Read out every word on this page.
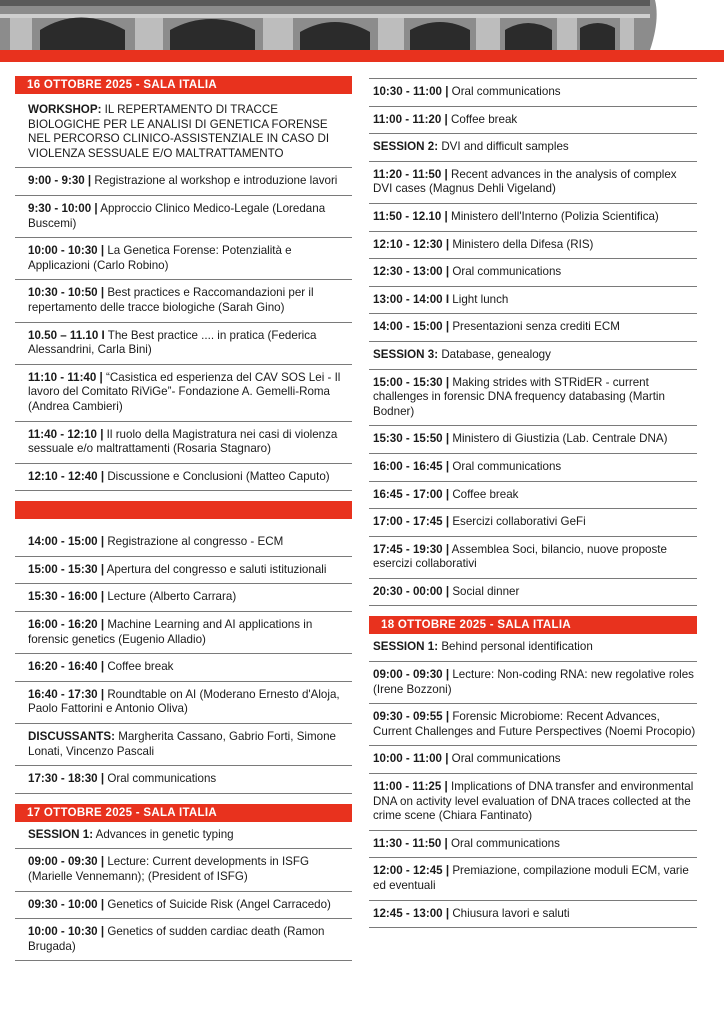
16 OTTOBRE 2025 - SALA ITALIA
WORKSHOP: IL REPERTAMENTO DI TRACCE BIOLOGICHE PER LE ANALISI DI GENETICA FORENSE NEL PERCORSO CLINICO-ASSISTENZIALE IN CASO DI VIOLENZA SESSUALE E/O MALTRATTAMENTO
9:00 - 9:30 | Registrazione al workshop e introduzione lavori
9:30 - 10:00 | Approccio Clinico Medico-Legale (Loredana Buscemi)
10:00 - 10:30 | La Genetica Forense: Potenzialità e Applicazioni (Carlo Robino)
10:30 - 10:50 | Best practices e Raccomandazioni per il repertamento delle tracce biologiche (Sarah Gino)
10.50 – 11.10 I The Best practice .... in pratica (Federica Alessandrini, Carla Bini)
11:10 - 11:40 | “Casistica ed esperienza del CAV SOS Lei - Il lavoro del Comitato RiViGe”- Fondazione A. Gemelli-Roma (Andrea Cambieri)
11:40 - 12:10 | Il ruolo della Magistratura nei casi di violenza sessuale e/o maltrattamenti (Rosaria Stagnaro)
12:10 - 12:40 | Discussione e Conclusioni (Matteo Caputo)
14:00 - 15:00 | Registrazione al congresso - ECM
15:00 - 15:30 | Apertura del congresso e saluti istituzionali
15:30 - 16:00 | Lecture (Alberto Carrara)
16:00 - 16:20 | Machine Learning and AI applications in forensic genetics (Eugenio Alladio)
16:20 - 16:40 | Coffee break
16:40 - 17:30 | Roundtable on AI (Moderano Ernesto d'Aloja, Paolo Fattorini e Antonio Oliva)
DISCUSSANTS: Margherita Cassano, Gabrio Forti, Simone Lonati, Vincenzo Pascali
17:30 - 18:30 | Oral communications
17 OTTOBRE 2025 - SALA ITALIA
SESSION 1: Advances in genetic typing
09:00 - 09:30 | Lecture: Current developments in ISFG (Marielle Vennemann); (President of ISFG)
09:30 - 10:00 | Genetics of Suicide Risk (Angel Carracedo)
10:00 - 10:30 | Genetics of sudden cardiac death (Ramon Brugada)
10:30 - 11:00 | Oral communications
11:00 - 11:20 | Coffee break
SESSION 2: DVI and difficult samples
11:20 - 11:50 | Recent advances in the analysis of complex DVI cases (Magnus Dehli Vigeland)
11:50 - 12.10 | Ministero dell'Interno (Polizia Scientifica)
12:10 - 12:30 | Ministero della Difesa (RIS)
12:30 - 13:00 | Oral communications
13:00 - 14:00 I Light lunch
14:00 - 15:00 | Presentazioni senza crediti ECM
SESSION 3: Database, genealogy
15:00 - 15:30 | Making strides with STRidER - current challenges in forensic DNA frequency databasing (Martin Bodner)
15:30 - 15:50 | Ministero di Giustizia (Lab. Centrale DNA)
16:00 - 16:45 | Oral communications
16:45 - 17:00 | Coffee break
17:00 - 17:45 | Esercizi collaborativi GeFi
17:45 - 19:30 | Assemblea Soci, bilancio, nuove proposte esercizi collaborativi
20:30 - 00:00 | Social dinner
18 OTTOBRE 2025 - SALA ITALIA
SESSION 1: Behind personal identification
09:00 - 09:30 | Lecture: Non-coding RNA: new regolative roles (Irene Bozzoni)
09:30 - 09:55 | Forensic Microbiome: Recent Advances, Current Challenges and Future Perspectives (Noemi Procopio)
10:00 - 11:00 | Oral communications
11:00 - 11:25 | Implications of DNA transfer and environmental DNA on activity level evaluation of DNA traces collected at the crime scene (Chiara Fantinato)
11:30 - 11:50 | Oral communications
12:00 - 12:45 | Premiazione, compilazione moduli ECM, varie ed eventuali
12:45 - 13:00 | Chiusura lavori e saluti
